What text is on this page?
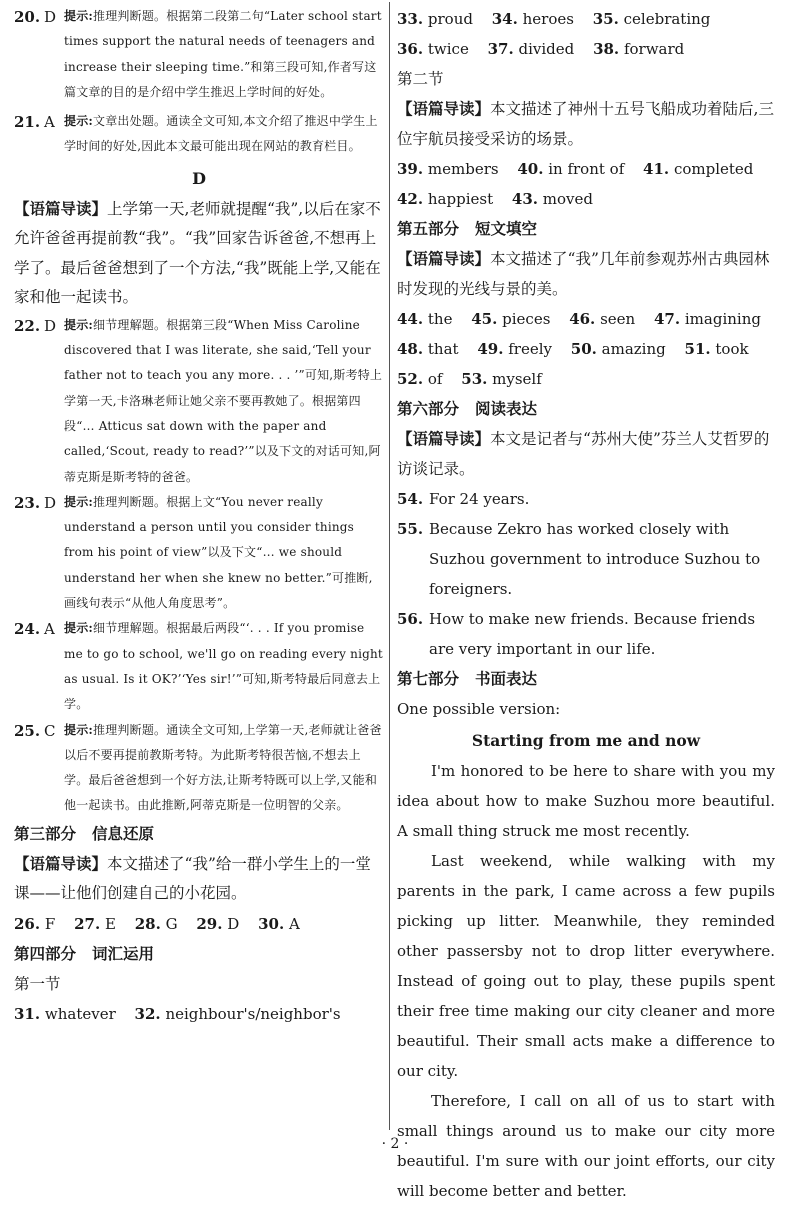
20. D 提示:推理判断题。根据第二段第二句“Later school start times support the natural needs of teenagers and increase their sleeping time.”和第三段可知,作者写这篇文章的目的是介绍中学生推迟上学时间的好处。
21. A 提示:文章出处题。通读全文可知,本文介绍了推迟中学生上学时间的好处,因此本文最可能出现在网站的教育栏目。
D
【语篇导读】上学第一天,老师就提醒“我”,以后在家不允许爸爸再提前教“我”。“我”回家告诉爸爸,不想再上学了。最后爸爸想到了一个方法,“我”既能上学,又能在家和他一起读书。
22. D 提示:细节理解题。根据第三段“When Miss Caroline discovered that I was literate, she said,‘Tell your father not to teach you any more. . . ’”可知,斯考特上学第一天,卡洛琳老师让她父亲不要再教她了。根据第四段“… Atticus sat down with the paper and called,‘Scout, ready to read?’”以及下文的对话可知,阿蒂克斯是斯考特的爸爸。
23. D 提示:推理判断题。根据上文“You never really understand a person until you consider things from his point of view”以及下文“… we should understand her when she knew no better.”可推断,画线句表示“从他人角度思考”。
24. A 提示:细节理解题。根据最后两段“‘. . . If you promise me to go to school, we'll go on reading every night as usual. Is it OK?’‘Yes sir!’”可知,斯考特最后同意去上学。
25. C 提示:推理判断题。通读全文可知,上学第一天,老师就让爸爸以后不要再提前教斯考特。为此斯考特很苦恼,不想去上学。最后爸爸想到一个好方法,让斯考特既可以上学,又能和他一起读书。由此推断,阿蒂克斯是一位明智的父亲。
第三部分 信息还原
【语篇导读】本文描述了“我”给一群小学生上的一堂课——让他们创建自己的小花园。
26. F 27. E 28. G 29. D 30. A
第四部分 词汇运用
第一节
31. whatever 32. neighbour's/neighbor's
33. proud 34. heroes 35. celebrating
36. twice 37. divided 38. forward
第二节
【语篇导读】本文描述了神州十五号飞船成功着陆后,三位宇航员接受采访的场景。
39. members 40. in front of 41. completed
42. happiest 43. moved
第五部分 短文填空
【语篇导读】本文描述了“我”几年前参观苏州古典园林时发现的光线与景的美。
44. the 45. pieces 46. seen 47. imagining
48. that 49. freely 50. amazing 51. took
52. of 53. myself
第六部分 阅读表达
【语篇导读】本文是记者与“苏州大使”芬兰人艾哲罗的访谈记录。
54. For 24 years.
55. Because Zekro has worked closely with Suzhou government to introduce Suzhou to foreigners.
56. How to make new friends. Because friends are very important in our life.
第七部分 书面表达
One possible version:
Starting from me and now

I'm honored to be here to share with you my idea about how to make Suzhou more beautiful. A small thing struck me most recently.

Last weekend, while walking with my parents in the park, I came across a few pupils picking up litter. Meanwhile, they reminded other passersby not to drop litter everywhere. Instead of going out to play, these pupils spent their free time making our city cleaner and more beautiful. Their small acts make a difference to our city.

Therefore, I call on all of us to start with small things around us to make our city more beautiful. I'm sure with our joint efforts, our city will become better and better.

· 2 ·
